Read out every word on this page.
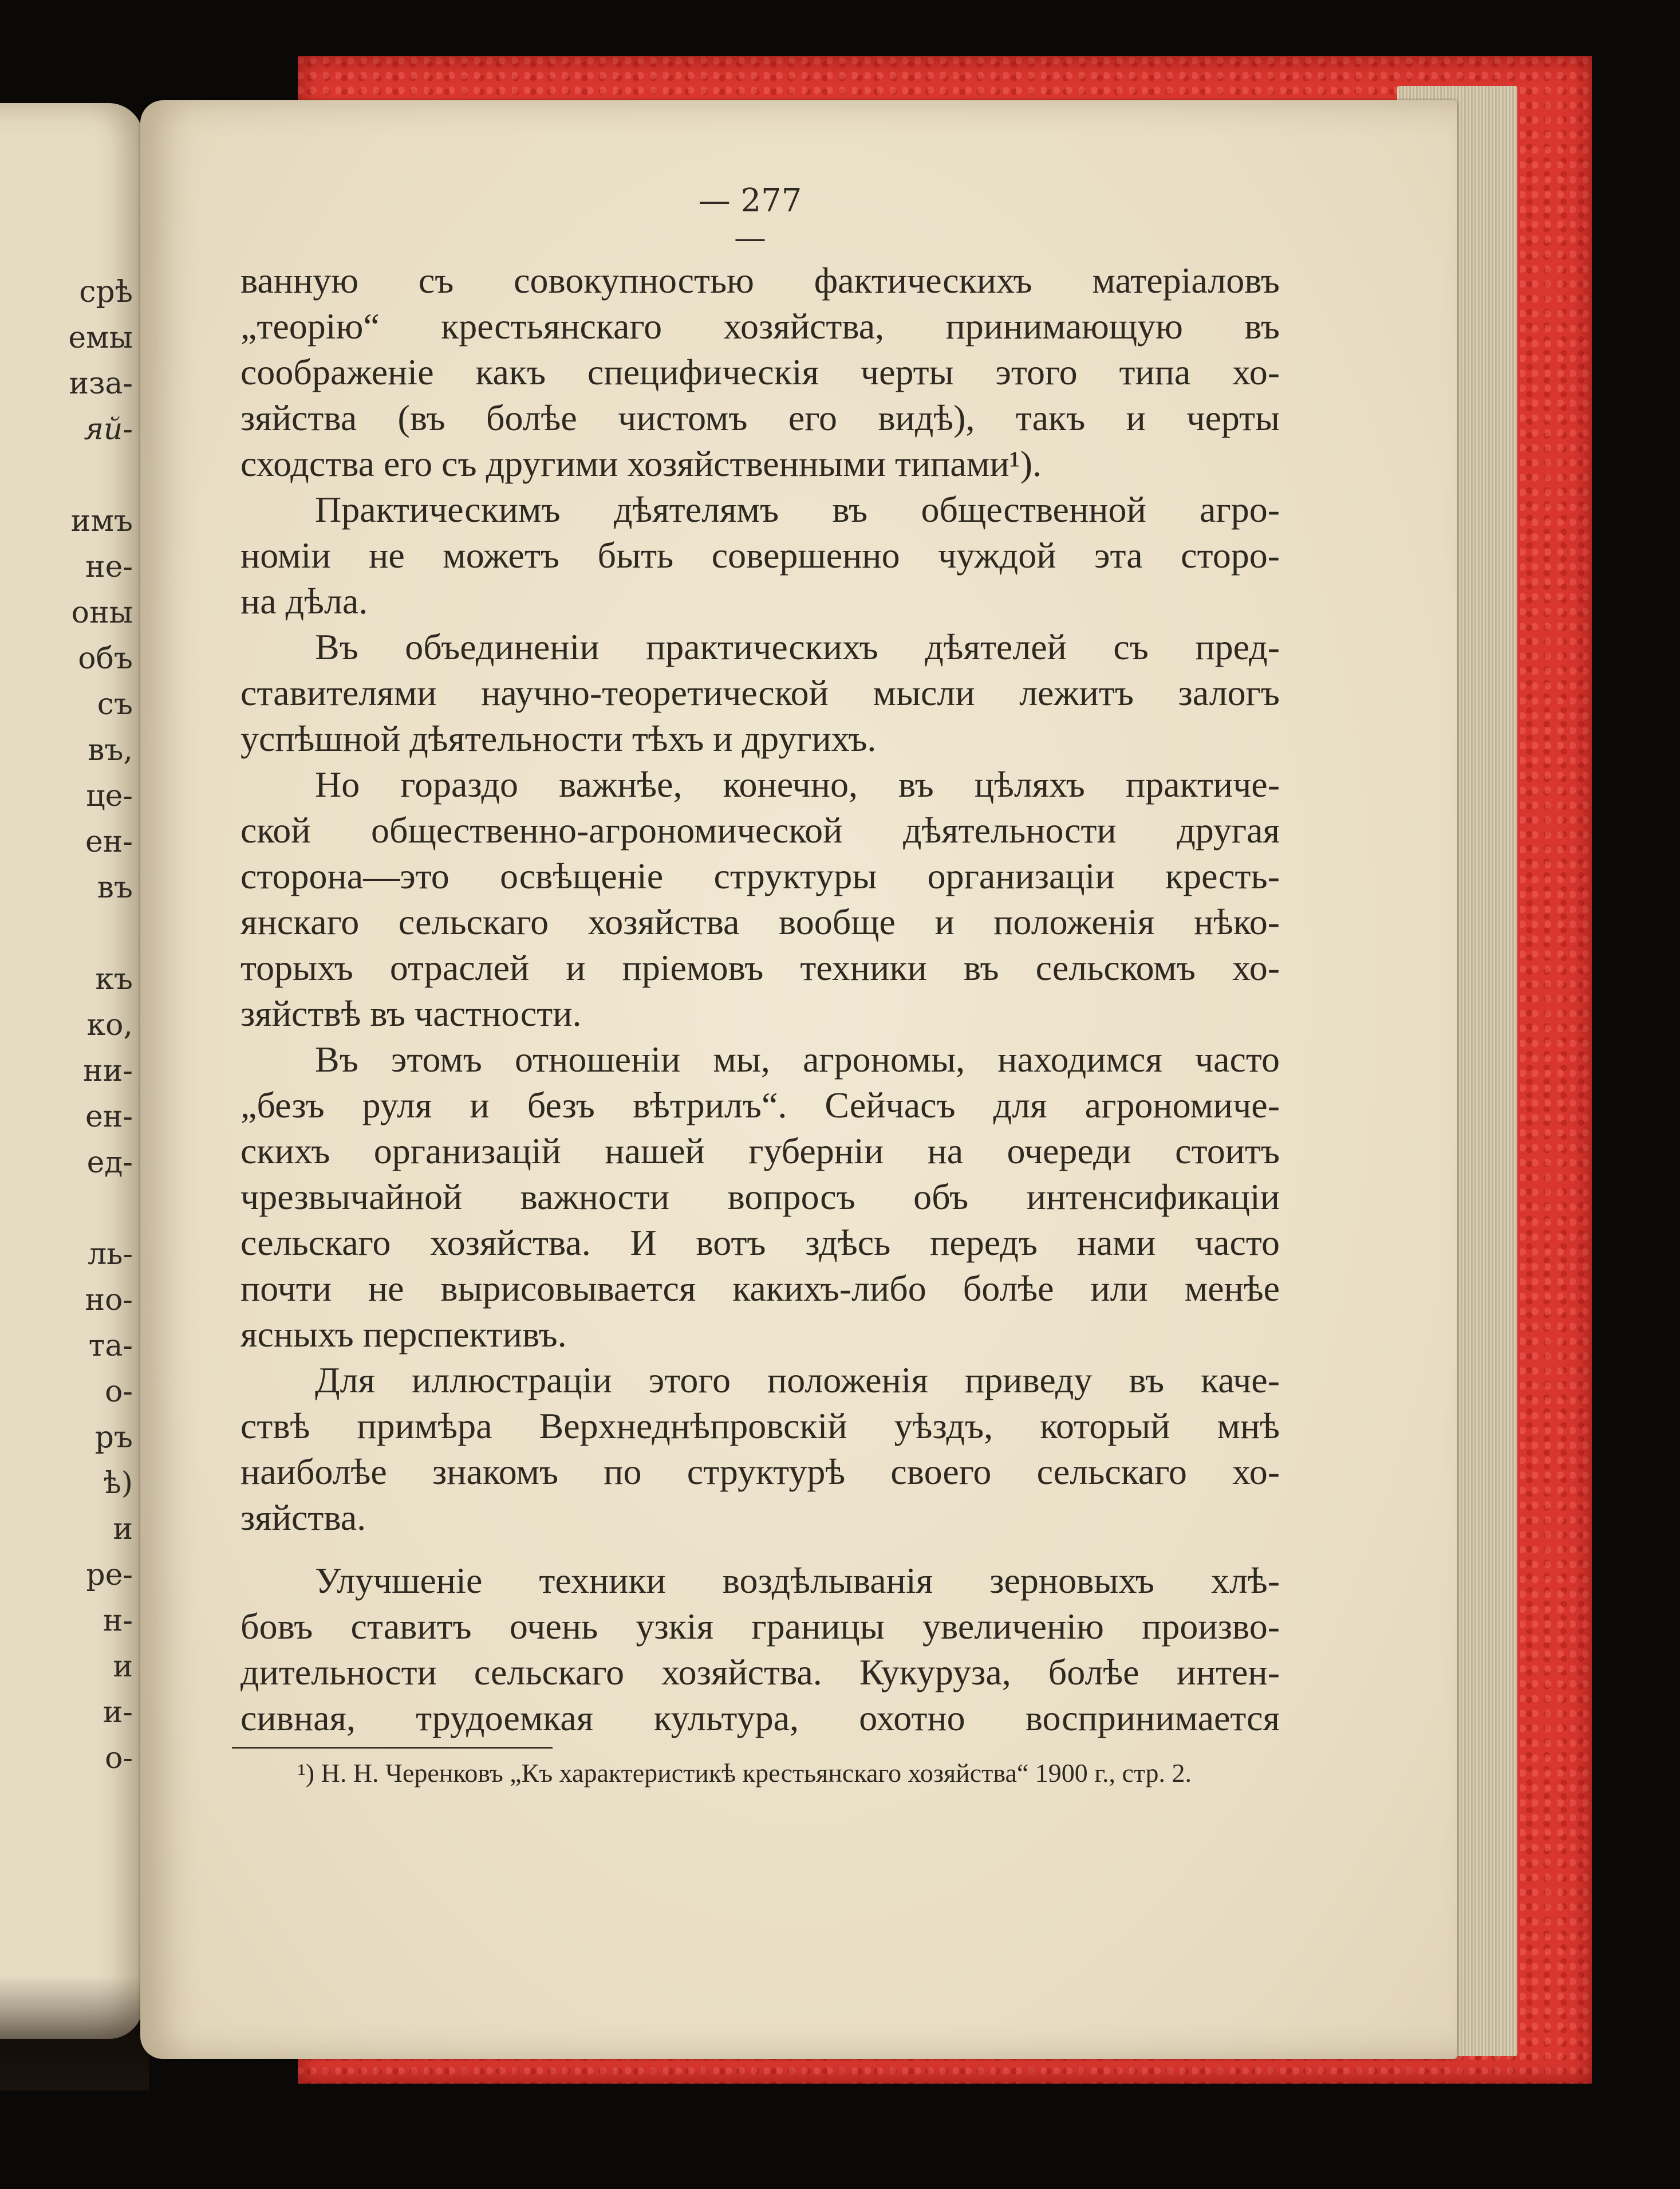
срѣ
емы
иза-
яй-
имъ
не-
оны
объ
съ
въ,
це-
ен-
въ
къ
ко,
ни-
ен-
ед-
ль-
но-
та-
о-
ръ
ѣ)
и
ре-
н-
и
и-
о-
— 277 —
ванную съ совокупностью фактическихъ матеріаловъ
„теорію“ крестьянскаго хозяйства, принимающую въ
соображеніе какъ специфическія черты этого типа хо-
зяйства (въ болѣе чистомъ его видѣ), такъ и черты
сходства его съ другими хозяйственными типами¹).
Практическимъ дѣятелямъ въ общественной агро-
номіи не можетъ быть совершенно чуждой эта сторо-
на дѣла.
Въ объединеніи практическихъ дѣятелей съ пред-
ставителями научно-теоретической мысли лежитъ залогъ
успѣшной дѣятельности тѣхъ и другихъ.
Но гораздо важнѣе, конечно, въ цѣляхъ практиче-
ской общественно-агрономической дѣятельности другая
сторона—это освѣщеніе структуры организаціи кресть-
янскаго сельскаго хозяйства вообще и положенія нѣко-
торыхъ отраслей и пріемовъ техники въ сельскомъ хо-
зяйствѣ въ частности.
Въ этомъ отношеніи мы, агрономы, находимся часто
„безъ руля и безъ вѣтрилъ“. Сейчасъ для агрономиче-
скихъ организацій нашей губерніи на очереди стоитъ
чрезвычайной важности вопросъ объ интенсификаціи
сельскаго хозяйства. И вотъ здѣсь передъ нами часто
почти не вырисовывается какихъ-либо болѣе или менѣе
ясныхъ перспективъ.
Для иллюстраціи этого положенія приведу въ каче-
ствѣ примѣра Верхнеднѣпровскій уѣздъ, который мнѣ
наиболѣе знакомъ по структурѣ своего сельскаго хо-
зяйства.
Улучшеніе техники воздѣлыванія зерновыхъ хлѣ-
бовъ ставитъ очень узкія границы увеличенію произво-
дительности сельскаго хозяйства. Кукуруза, болѣе интен-
сивная, трудоемкая культура, охотно воспринимается
¹) Н. Н. Черенковъ „Къ характеристикѣ крестьянскаго хозяйства“ 1900 г., стр. 2.
